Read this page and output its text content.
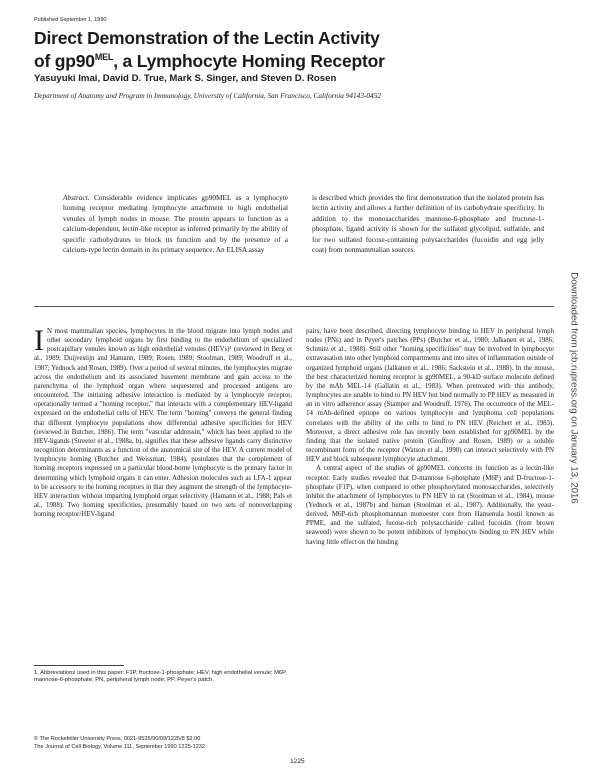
Published September 1, 1990
Direct Demonstration of the Lectin Activity
of $gp90^{MEL}$, a Lymphocyte Homing Receptor
Yasuyuki Imai, David D. True, Mark S. Singer, and Steven D. Rosen
Department of Anatomy and Program in Immunology, University of California, San Francisco, California 94143-0452
Abstract. Considerable evidence implicates gp90MEL as a lymphocyte homing receptor mediating lymphocyte attachment to high endothelial venules of lymph nodes in mouse. The protein appears to function as a calcium-dependent, lectin-like receptor as inferred primarily by the ability of specific carbohydrates to block its function and by the presence of a calcium-type lectin domain in its primary sequence. An ELISA assay
is described which provides the first demonstration that the isolated protein has lectin activity and allows a further definition of its carbohydrate specificity. In addition to the monosaccharides mannose-6-phosphate and fructose-1-phosphate, ligand activity is shown for the sulfated glycolipid, sulfatide, and for two sulfated fucose-containing polysaccharides (fucoidin and egg jelly coat) from nonmammalian sources.

I N most mammalian species, lymphocytes in the blood migrate into lymph nodes and other secondary lymphoid organs by first binding to the endothelium of specialized postcapillary venules known as high endothelial venules (HEVs)¹ (reviewed in Berg et al., 1989; Duijvestijn and Hamann, 1989; Rosen, 1989; Stoolman, 1989; Woodruff et al., 1987; Yednock and Rosen, 1989). Over a period of several minutes, the lymphocytes migrate across the endothelium and its associated basement membrane and gain access to the parenchyma of the lymphoid organ where sequestered and processed antigens are encountered. The initiating adhesive interaction is mediated by a lymphocyte receptor, operationally termed a "homing receptor," that interacts with a complementary HEV-ligand expressed on the endothelial cells of HEV. The term "homing" conveys the general finding that different lymphocyte populations show differential adhesive specificities for HEV (reviewed in Butcher, 1986). The term "vascular addressin," which has been applied to the HEV-ligands (Streeter et al., 1988a, b), signifies that these adhesive ligands carry distinctive recognition determinants as a function of the anatomical site of the HEV. A current model of lymphocyte homing (Butcher and Weissman, 1984), postulates that the complement of homing receptors expressed on a particular blood-borne lymphocyte is the primary factor in determining which lymphoid organs it can enter. Adhesion molecules such as LFA-1 appear to be accessory to the homing receptors in that they augment the strength of the lymphocyte-HEV interaction without imparting lymphoid organ selectivity (Hamann et al., 1988; Pals et al., 1988). Two homing specificities, presumably based on two sets of nonoverlapping homing receptor/HEV-ligand

pairs, have been described, directing lymphocyte binding to HEV in peripheral lymph nodes (PNs) and in Peyer's patches (PPs) (Butcher et al., 1980; Jalkanen et al., 1986; Schmitz et al., 1988). Still other "homing specificities" may be involved in lymphocyte extravasation into other lymphoid compartments and into sites of inflammation outside of organized lymphoid organs (Jalkanen et al., 1986; Sackstein et al., 1988). In the mouse, the best characterized homing receptor is gp90MEL, a 90-kD surface molecule defined by the mAb MEL-14 (Gallatin et al., 1983). When pretreated with this antibody, lymphocytes are unable to bind to PN HEV but bind normally to PP HEV as measured in an in vitro adherence assay (Stamper and Woodruff, 1976). The occurrence of the MEL-14 mAb-defined epitope on various lymphocyte and lymphoma cell populations correlates with the ability of the cells to bind to PN HEV (Reichert et al., 1983). Moreover, a direct adhesive role has recently been established for gp90MEL by the finding that the isolated native protein (Geoffroy and Rosen, 1989) or a soluble recombinant form of the receptor (Watson et al., 1990) can interact selectively with PN HEV and block subsequent lymphocyte attachment.

A central aspect of the studies of gp90MEL concerns its function as a lectin-like receptor. Early studies revealed that D-mannose 6-phosphate (M6P) and D-fructose-1-phosphate (F1P), when compared to other phosphorylated monosaccharides, selectively inhibit the attachment of lymphocytes to PN HEV in rat (Stoolman et al., 1984), mouse (Yednock et al., 1987b) and human (Stoolman et al., 1987). Additionally, the yeast-derived, M6P-rich phosphomannan monoester core from Hansenula hostii known as PPME, and the sulfated, fucose-rich polysaccharide called fucoidin (from brown seaweed) were shown to be potent inhibitors of lymphocyte binding to PN HEV while having little effect on the binding

1. Abbreviations used in this paper: F1P, fructose-1-phosphate; HEV, high endothelial venule; M6P, mannose-6-phosphate; PN, peripheral lymph node; PP, Peyer's patch.
© The Rockefeller University Press, 0021-9525/90/09/1225/8 $2.00
The Journal of Cell Biology, Volume 111, September 1990 1225-1232
1225
Downloaded from jcb.rupress.org on January 13, 2016
